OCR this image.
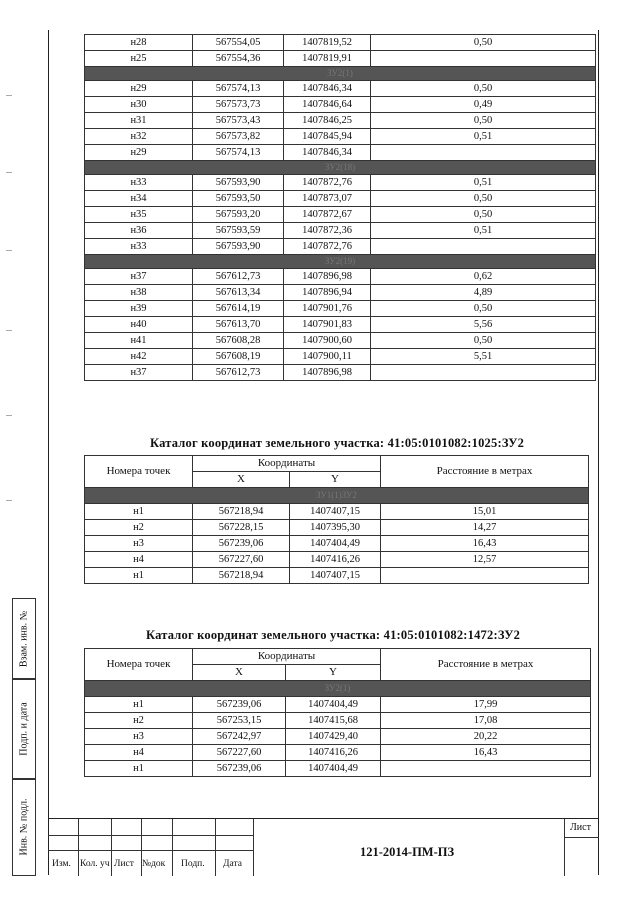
н28	567554,05	1407819,52	0,50
н25	567554,36	1407819,91	
ЗУ2(1)			
н29	567574,13	1407846,34	0,50
н30	567573,73	1407846,64	0,49
н31	567573,43	1407846,25	0,50
н32	567573,82	1407845,94	0,51
н29	567574,13	1407846,34	
ЗУ2(18)			
н33	567593,90	1407872,76	0,51
н34	567593,50	1407873,07	0,50
н35	567593,20	1407872,67	0,50
н36	567593,59	1407872,36	0,51
н33	567593,90	1407872,76	
ЗУ2(19)			
н37	567612,73	1407896,98	0,62
н38	567613,34	1407896,94	4,89
н39	567614,19	1407901,76	0,50
н40	567613,70	1407901,83	5,56
н41	567608,28	1407900,60	0,50
н42	567608,19	1407900,11	5,51
н37	567612,73	1407896,98	
Каталог координат земельного участка: 41:05:0101082:1025:ЗУ2
Номера точек	Координаты		Расстояние в метрах
	X	Y	
ЗУ1(1)ЗУ2			
н1	567218,94	1407407,15	15,01
н2	567228,15	1407395,30	14,27
н3	567239,06	1407404,49	16,43
н4	567227,60	1407416,26	12,57
н1	567218,94	1407407,15	
Каталог координат земельного участка: 41:05:0101082:1472:ЗУ2
Номера точек	Координаты		Расстояние в метрах
	X	Y	
ЗУ2(1)			
н1	567239,06	1407404,49	17,99
н2	567253,15	1407415,68	17,08
н3	567242,97	1407429,40	20,22
н4	567227,60	1407416,26	16,43
н1	567239,06	1407404,49	
Взам. инв. №
Подп. и дата
Инв. № подл.
Изм. Кол. уч Лист №док Подп. Дата
121-2014-ПМ-ПЗ
Лист
